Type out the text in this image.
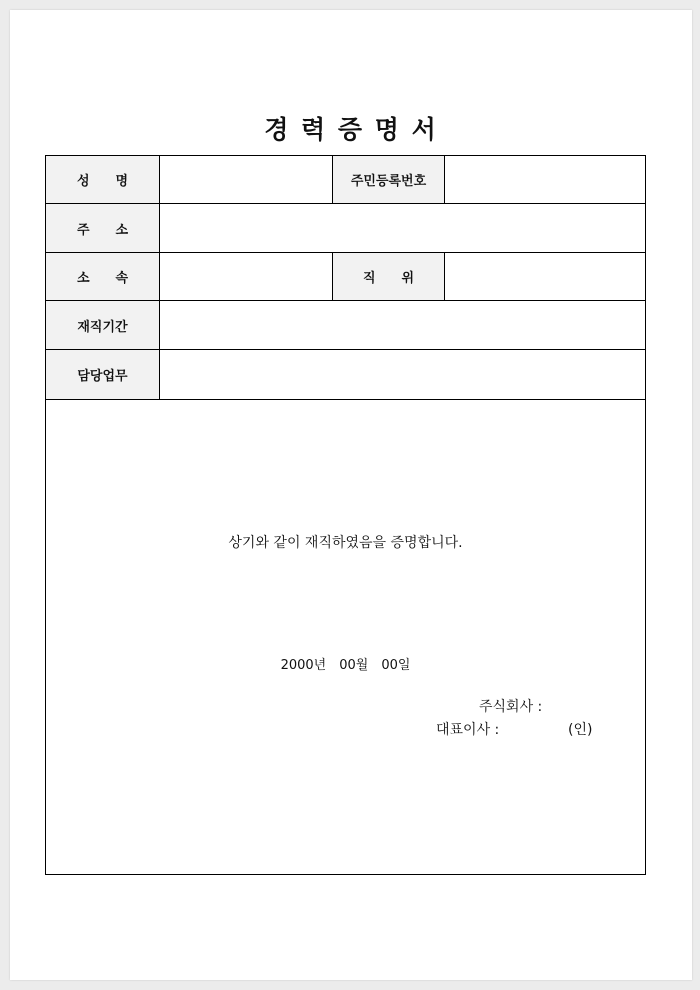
경 력 증 명 서
성　　명		주민등록번호	
주　　소			
소　　속		직　　위	
재직기간			
담당업무			

상기와 같이 재직하였음을 증명합니다.
2000년　00월　00일
주식회사 :
대표이사 : (인)			
